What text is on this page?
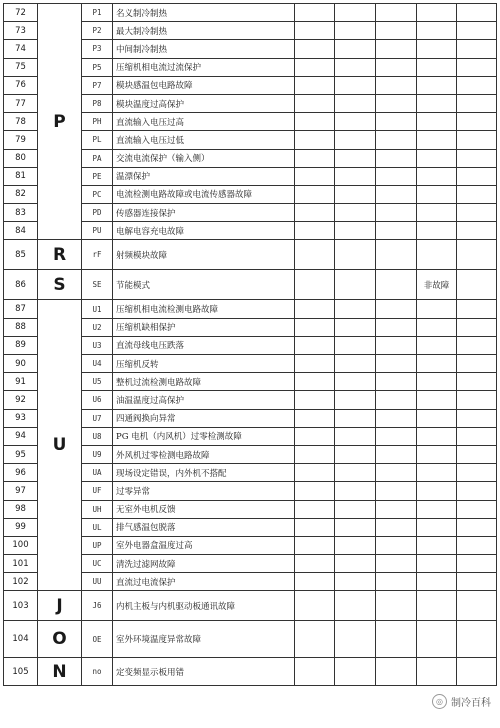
72	P	P1	名义制冷制热					
73		P2	最大制冷制热					
74		P3	中间制冷制热					
75		P5	压缩机相电流过流保护					
76		P7	模块感温包电路故障					
77		P8	模块温度过高保护					
78		PH	直流输入电压过高					
79		PL	直流输入电压过低					
80		PA	交流电流保护（输入侧）					
81		PE	温漂保护					
82		PC	电流检测电路故障或电流传感器故障					
83		PD	传感器连接保护					
84		PU	电解电容充电故障					
85	R	rF	射频模块故障					
86	S	SE	节能模式				非故障	
87	U	U1	压缩机相电流检测电路故障					
88		U2	压缩机缺相保护					
89		U3	直流母线电压跌落					
90		U4	压缩机反转					
91		U5	整机过流检测电路故障					
92		U6	油温温度过高保护					
93		U7	四通阀换向异常					
94		U8	PG 电机（内风机）过零检测故障					
95		U9	外风机过零检测电路故障					
96		UA	现场设定错误，内外机不搭配					
97		UF	过零异常					
98		UH	无室外电机反馈					
99		UL	排气感温包脱落					
100		UP	室外电器盒温度过高					
101		UC	清洗过滤网故障					
102		UU	直流过电流保护					
103	J	J6	内机主板与内机驱动板通讯故障					
104	O	OE	室外环境温度异常故障					
105	N	no	定变频显示板用错					
◎ 制冷百科
